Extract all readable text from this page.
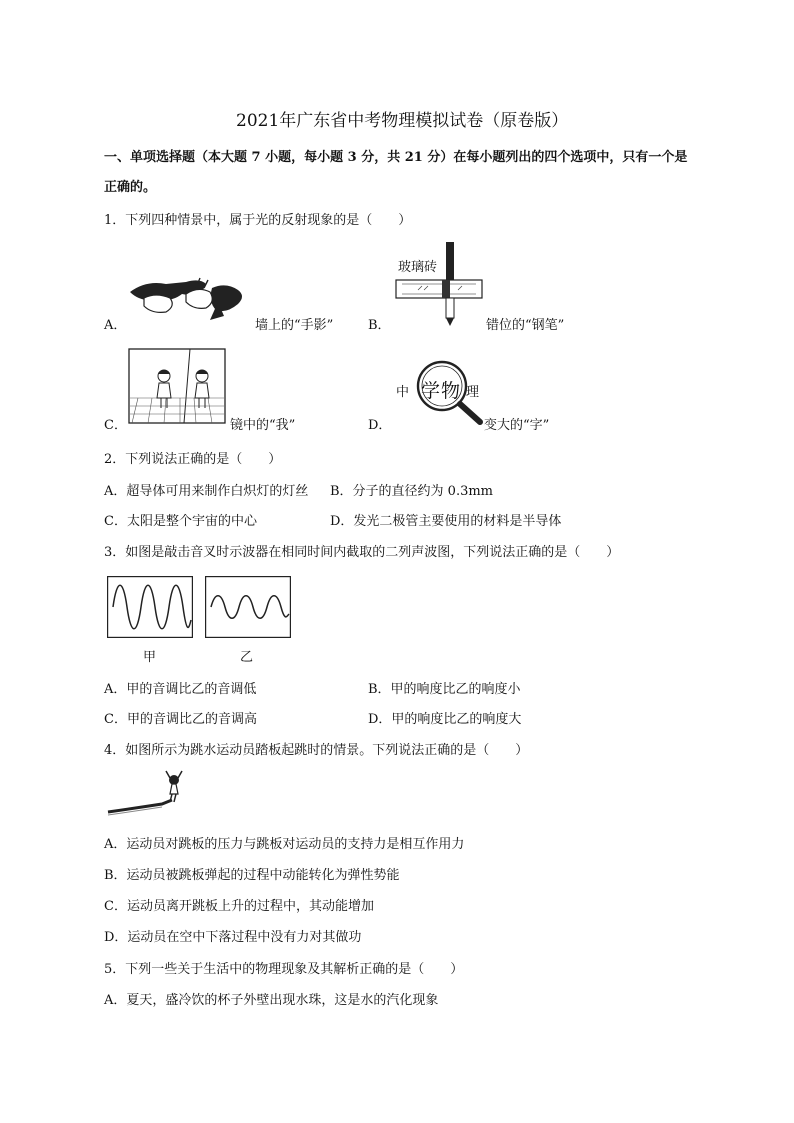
2021年广东省中考物理模拟试卷（原卷版）
一、单项选择题（本大题 7 小题，每小题 3 分，共 21 分）在每小题列出的四个选项中，只有一个是
正确的。
1．下列四种情景中，属于光的反射现象的是（　　）
A．	墙上的“手影”	B．
玻璃砖
错位的“钢笔”
C．	镜中的“我”	D．
中 学 物 理
变大的“字”
2．下列说法正确的是（　　）
A．超导体可用来制作白炽灯的灯丝 B．分子的直径约为 0.3mm
C．太阳是整个宇宙的中心	D．发光二极管主要使用的材料是半导体
3．如图是敲击音叉时示波器在相同时间内截取的二列声波图，下列说法正确的是（　　）
甲	乙
A．甲的音调比乙的音调低	B．甲的响度比乙的响度小
C．甲的音调比乙的音调高	D．甲的响度比乙的响度大
4．如图所示为跳水运动员踏板起跳时的情景。下列说法正确的是（　　）
A．运动员对跳板的压力与跳板对运动员的支持力是相互作用力
B．运动员被跳板弹起的过程中动能转化为弹性势能
C．运动员离开跳板上升的过程中，其动能增加
D．运动员在空中下落过程中没有力对其做功
5．下列一些关于生活中的物理现象及其解析正确的是（　　）
A．夏天，盛冷饮的杯子外壁出现水珠，这是水的汽化现象
